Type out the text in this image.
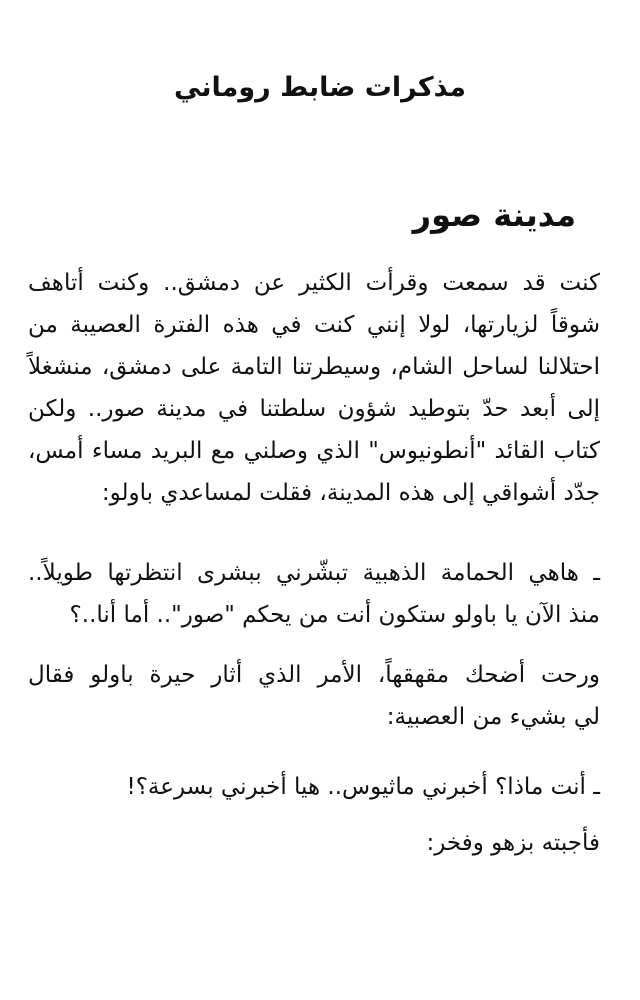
مذكرات ضابط روماني
مدينة صور
كنت قد سمعت وقرأت الكثير عن دمشق.. وكنت أتاهف
شوقاً لزيارتها، لولا إنني كنت في هذه الفترة العصيبة من
احتلالنا لساحل الشام، وسيطرتنا التامة على دمشق، منشغلاً
إلى أبعد حدّ بتوطيد شؤون سلطتنا في مدينة صور.. ولكن
كتاب القائد "أنطونيوس" الذي وصلني مع البريد مساء أمس،
جدّد أشواقي إلى هذه المدينة، فقلت لمساعدي باولو:
ـ هاهي الحمامة الذهبية تبشّرني ببشرى انتظرتها طويلاً..
منذ الآن يا باولو ستكون أنت من يحكم "صور".. أما أنا..؟
ورحت أضحك مقهقهاً، الأمر الذي أثار حيرة باولو فقال
لي بشيء من العصبية:
ـ أنت ماذا؟ أخبرني ماثيوس.. هيا أخبرني بسرعة؟!
فأجبته بزهو وفخر:
